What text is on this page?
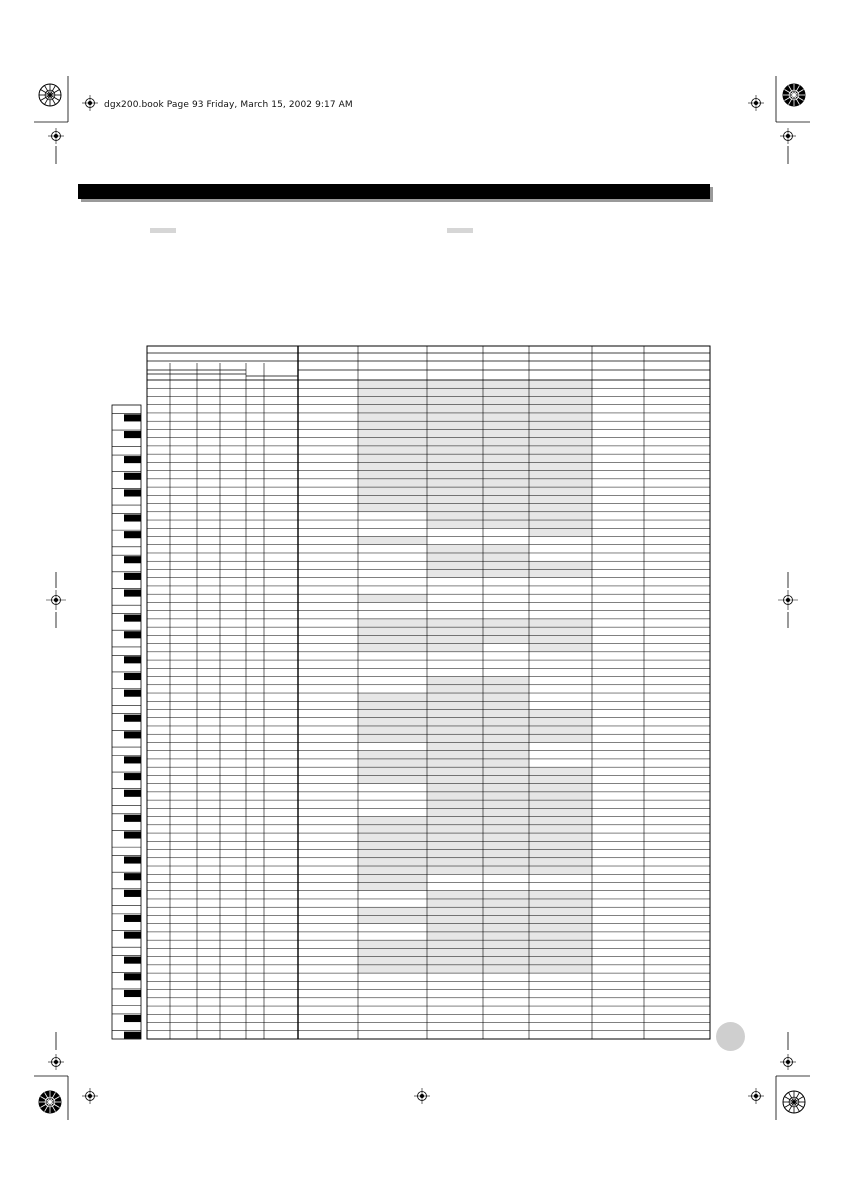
dgx200.book Page 93 Friday, March 15, 2002 9:17 AM
